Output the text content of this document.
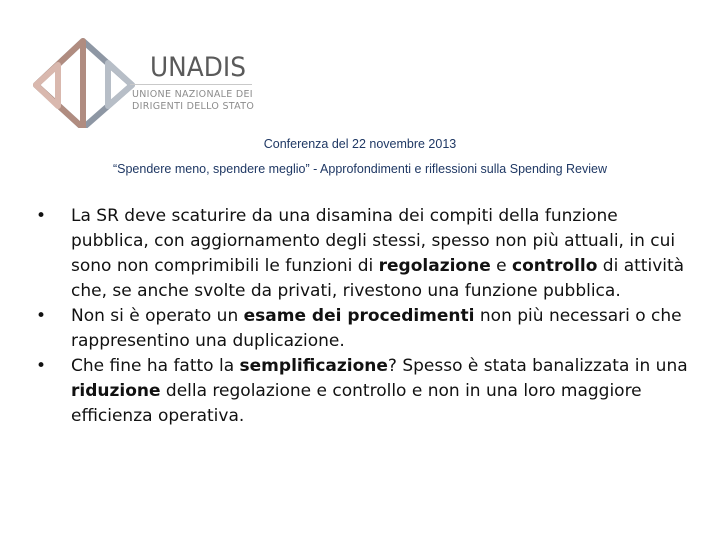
UNADIS
UNIONE NAZIONALE DEI
DIRIGENTI DELLO STATO
Conferenza del 22 novembre 2013
“Spendere meno, spendere meglio” - Approfondimenti e riflessioni sulla Spending Review
• La SR deve scaturire da una disamina dei compiti della funzione pubblica, con aggiornamento degli stessi, spesso non più attuali, in cui sono non comprimibili le funzioni di regolazione e controllo di attività che, se anche svolte da privati, rivestono una funzione pubblica.
• Non si è operato un esame dei procedimenti non più necessari o che rappresentino una duplicazione.
• Che fine ha fatto la semplificazione? Spesso è stata banalizzata in una riduzione della regolazione e controllo e non in una loro maggiore efficienza operativa.
